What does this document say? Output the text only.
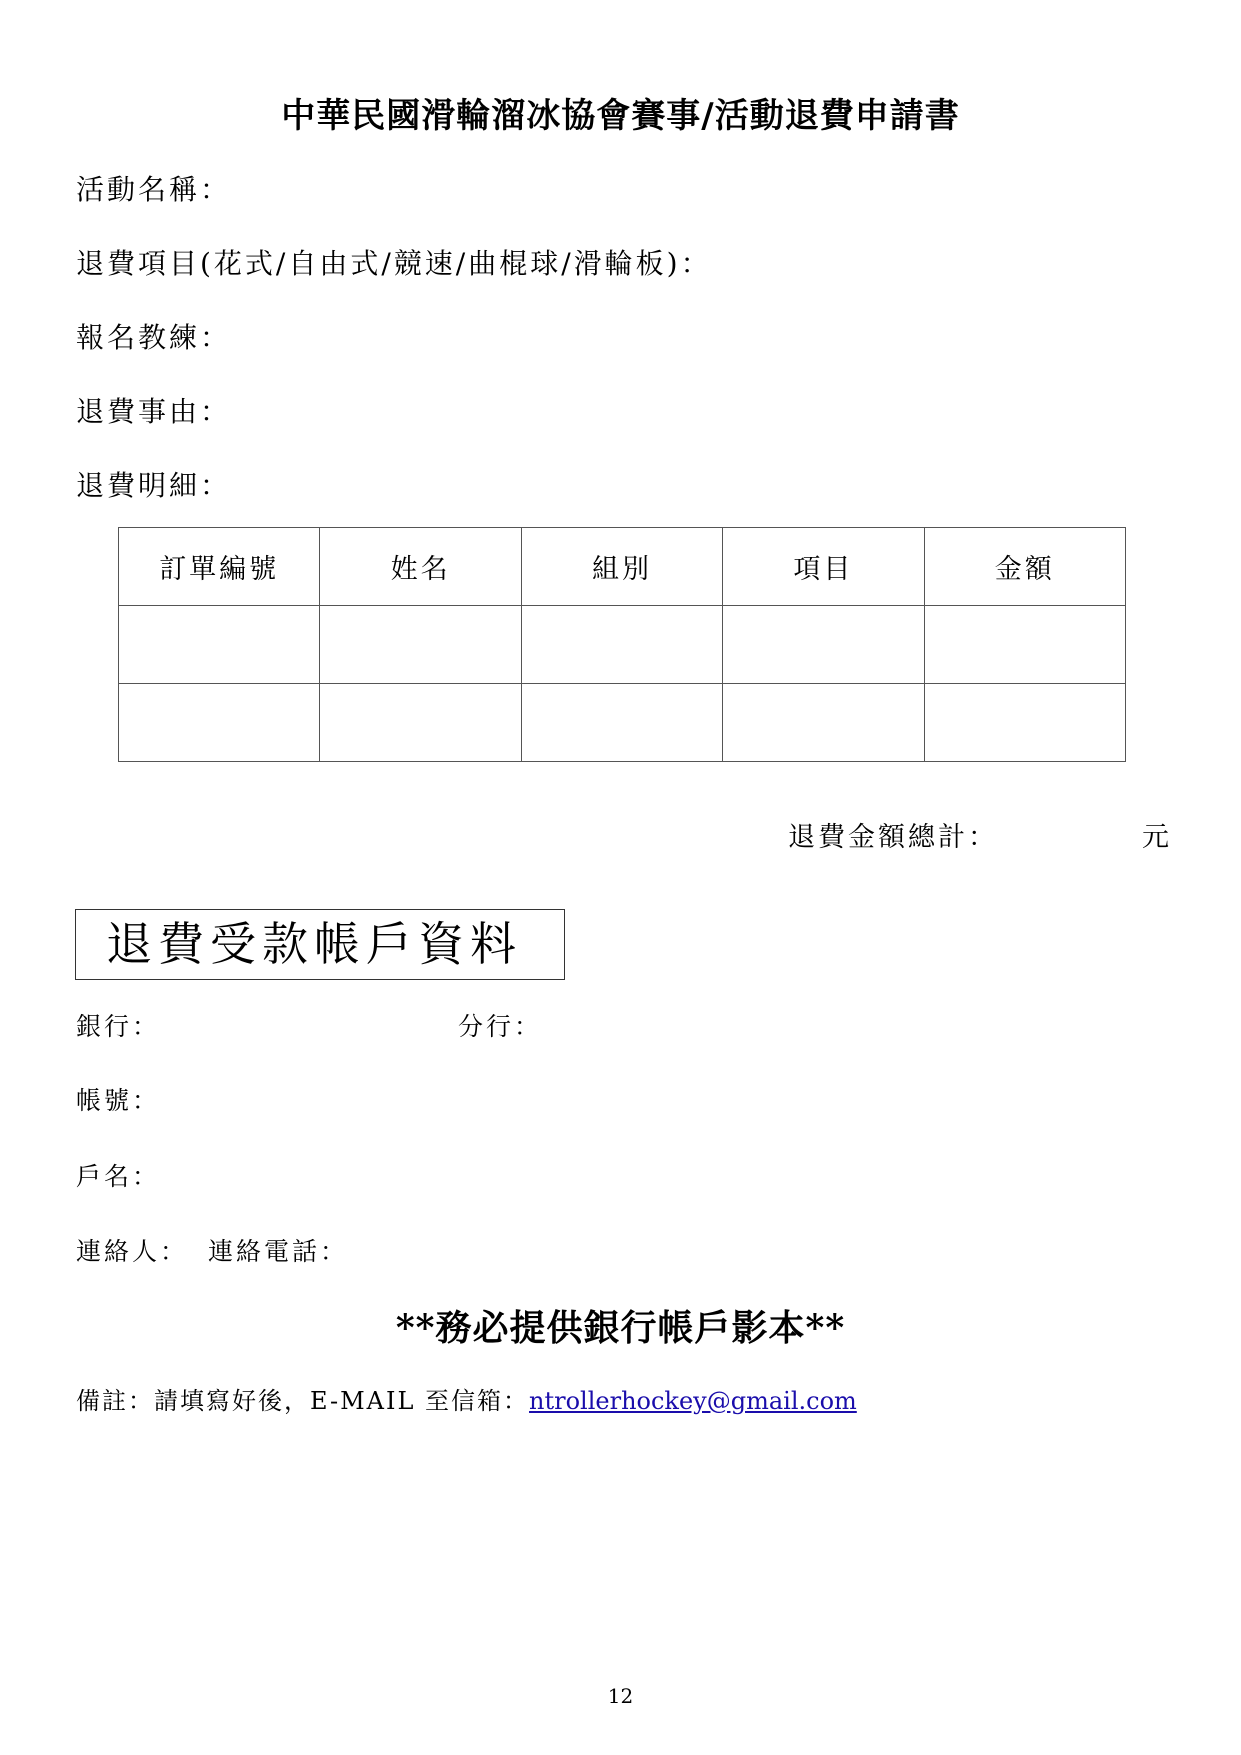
中華民國滑輪溜冰協會賽事/活動退費申請書
活動名稱：
退費項目(花式/自由式/競速/曲棍球/滑輪板)：
報名教練：
退費事由：
退費明細：
訂單編號	姓名	組別	項目	金額

退費金額總計：	元
退費受款帳戶資料
銀行：	分行：
帳號：
戶名：
連絡人： 連絡電話：
**務必提供銀行帳戶影本**
備註：請填寫好後，E-MAIL 至信箱：ntrollerhockey@gmail.com
12
